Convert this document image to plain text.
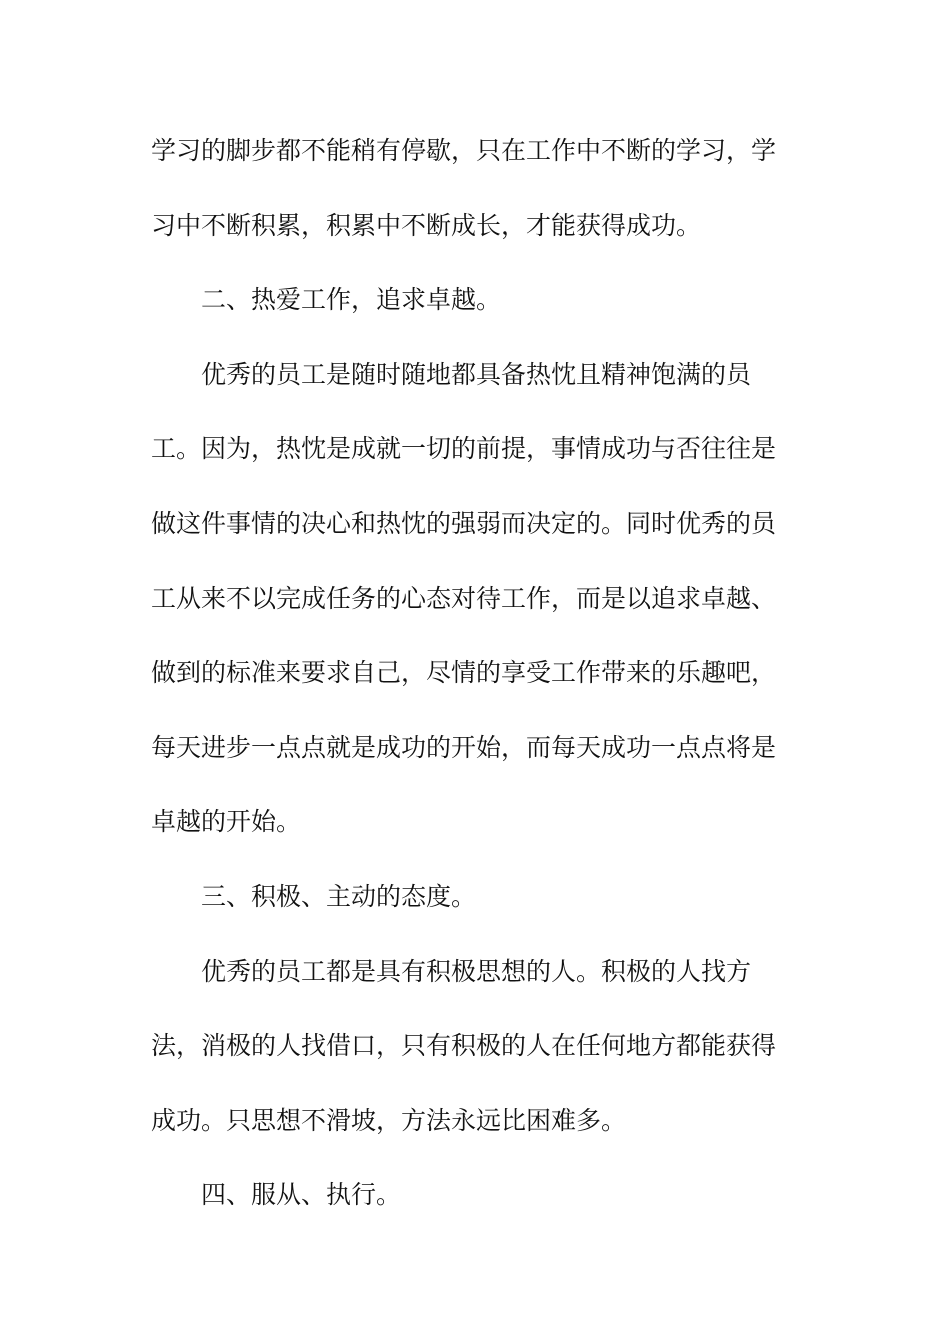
学习的脚步都不能稍有停歇，只在工作中不断的学习，学
习中不断积累，积累中不断成长，才能获得成功。
二、热爱工作，追求卓越。
优秀的员工是随时随地都具备热忱且精神饱满的员
工。因为，热忱是成就一切的前提，事情成功与否往往是
做这件事情的决心和热忱的强弱而决定的。同时优秀的员
工从来不以完成任务的心态对待工作，而是以追求卓越、
做到的标准来要求自己，尽情的享受工作带来的乐趣吧，
每天进步一点点就是成功的开始，而每天成功一点点将是
卓越的开始。
三、积极、主动的态度。
优秀的员工都是具有积极思想的人。积极的人找方
法，消极的人找借口，只有积极的人在任何地方都能获得
成功。只思想不滑坡，方法永远比困难多。
四、服从、执行。
